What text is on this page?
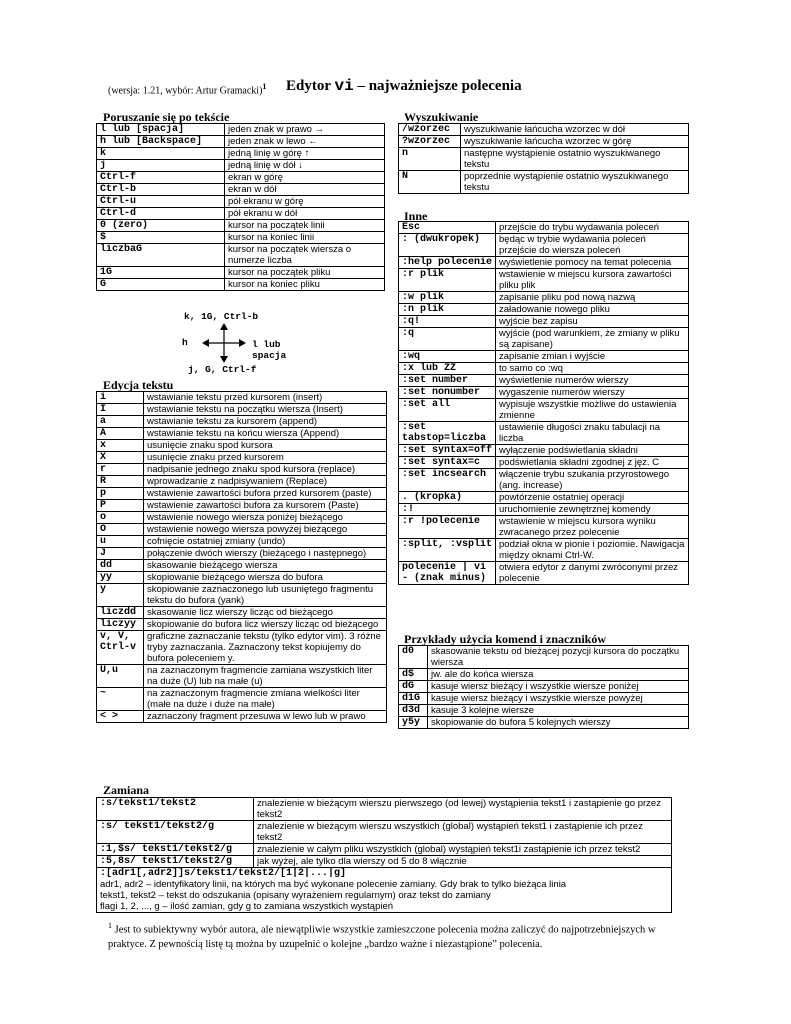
(wersja: 1.21, wybór: Artur Gramacki)$^1$ Edytor vi – najważniejsze polecenia
Poruszanie się po tekście
l lub [spacja]	jeden znak w prawo →
h lub [Backspace]	jeden znak w lewo ←
k	jedną linię w górę ↑
j	jedną linię w dół ↓
Ctrl-f	ekran w górę
Ctrl-b	ekran w dół
Ctrl-u	pół ekranu w górę
Ctrl-d	pół ekranu w dół
0 (zero)	kursor na początek linii
$	kursor na koniec linii
liczbaG	kursor na początek wiersza o numerze liczba
1G	kursor na początek pliku
G	kursor na koniec pliku
k, 1G, Ctrl-b
h	l lub spacja
j, G, Ctrl-f
Edycja tekstu
i	wstawianie tekstu przed kursorem (insert)
I	wstawianie tekstu na początku wiersza (Insert)
a	wstawianie tekstu za kursorem (append)
A	wstawianie tekstu na końcu wiersza (Append)
x	usunięcie znaku spod kursora
X	usunięcie znaku przed kursorem
r	nadpisanie jednego znaku spod kursora (replace)
R	wprowadzanie z nadpisywaniem (Replace)
p	wstawienie zawartości bufora przed kursorem (paste)
P	wstawienie zawartości bufora za kursorem (Paste)
o	wstawienie nowego wiersza poniżej bieżącego
O	wstawienie nowego wiersza powyżej bieżącego
u	cofnięcie ostatniej zmiany (undo)
J	połączenie dwóch wierszy (bieżącego i następnego)
dd	skasowanie bieżącego wiersza
yy	skopiowanie bieżącego wiersza do bufora
y	skopiowanie zaznaczonego lub usuniętego fragmentu tekstu do bufora (yank)
liczdd	skasowanie licz wierszy licząc od bieżącego
liczyy	skopiowanie do bufora licz wierszy licząc od bieżącego
v, V, Ctrl-v	graficzne zaznaczanie tekstu (tylko edytor vim). 3 różne tryby zaznaczania. Zaznaczony tekst kopiujemy do bufora poleceniem y.
U,u	na zaznaczonym fragmencie zamiana wszystkich liter na duże (U) lub na małe (u)
~	na zaznaczonym fragmencie zmiana wielkości liter (małe na duże i duże na małe)
< >	zaznaczony fragment przesuwa w lewo lub w prawo
Wyszukiwanie
/wzorzec	wyszukiwanie łańcucha wzorzec w dół
?wzorzec	wyszukiwanie łańcucha wzorzec w górę
n	następne wystąpienie ostatnio wyszukiwanego tekstu
N	poprzednie wystąpienie ostatnio wyszukiwanego tekstu
Inne
Esc	przejście do trybu wydawania poleceń
: (dwukropek)	będąc w trybie wydawania poleceń przejście do wiersza poleceń
:help polecenie	wyświetlenie pomocy na temat polecenia
:r plik	wstawienie w miejscu kursora zawartości pliku plik
:w plik	zapisanie pliku pod nową nazwą
:n plik	załadowanie nowego pliku
:q!	wyjście bez zapisu
:q	wyjście (pod warunkiem, że zmiany w pliku są zapisane)
:wq	zapisanie zmian i wyjście
:x lub ZZ	to samo co :wq
:set number	wyświetlenie numerów wierszy
:set nonumber	wygaszenie numerów wierszy
:set all	wypisuje wszystkie możliwe do ustawienia zmienne
:set tabstop=liczba	ustawienie długości znaku tabulacji na liczba
:set syntax=off	wyłączenie podświetlania składni
:set syntax=c	podświetlania składni zgodnej z jęz. C
:set incsearch	włączenie trybu szukania przyrostowego (ang. increase)
. (kropka)	powtórzenie ostatniej operacji
:!	uruchomienie zewnętrznej komendy
:r !polecenie	wstawienie w miejscu kursora wyniku zwracanego przez polecenie
:split, :vsplit	podział okna w pionie i poziomie. Nawigacja między oknami Ctrl-W.
polecenie | vi - (znak minus)	otwiera edytor z danymi zwróconymi przez polecenie
Przykłady użycia komend i znaczników
d0	skasowanie tekstu od bieżącej pozycji kursora do początku wiersza
d$	jw. ale do końca wiersza
dG	kasuje wiersz bieżący i wszystkie wiersze poniżej
d1G	kasuje wiersz bieżący i wszystkie wiersze powyżej
d3d	kasuje 3 kolejne wiersze
y5y	skopiowanie do bufora 5 kolejnych wierszy
Zamiana
:s/tekst1/tekst2	znalezienie w bieżącym wierszu pierwszego (od lewej) wystąpienia tekst1 i zastąpienie go przez tekst2
:s/ tekst1/tekst2/g	znalezienie w bieżącym wierszu wszystkich (global) wystąpień tekst1 i zastąpienie ich przez tekst2
:1,$s/ tekst1/tekst2/g	znalezienie w całym pliku wszystkich (global) wystąpień tekst1i zastąpienie ich przez tekst2
:5,8s/ tekst1/tekst2/g	jak wyżej, ale tylko dla wierszy od 5 do 8 włącznie

:[adr1[,adr2]]s/tekst1/tekst2/[1|2|...|g]
adr1, adr2 – identyfikatory linii, na których ma być wykonane polecenie zamiany. Gdy brak to tylko bieżąca linia
tekst1, tekst2 – tekst do odszukania (opisany wyrażeniem regularnym) oraz tekst do zamiany
flagi 1, 2, ..., g – ilość zamian, gdy g to zamiana wszystkich wystąpień	
$^1$ Jest to subiektywny wybór autora, ale niewątpliwie wszystkie zamieszczone polecenia można zaliczyć do najpotrzebniejszych w praktyce. Z pewnością listę tą można by uzupełnić o kolejne „bardzo ważne i niezastąpione” polecenia.
